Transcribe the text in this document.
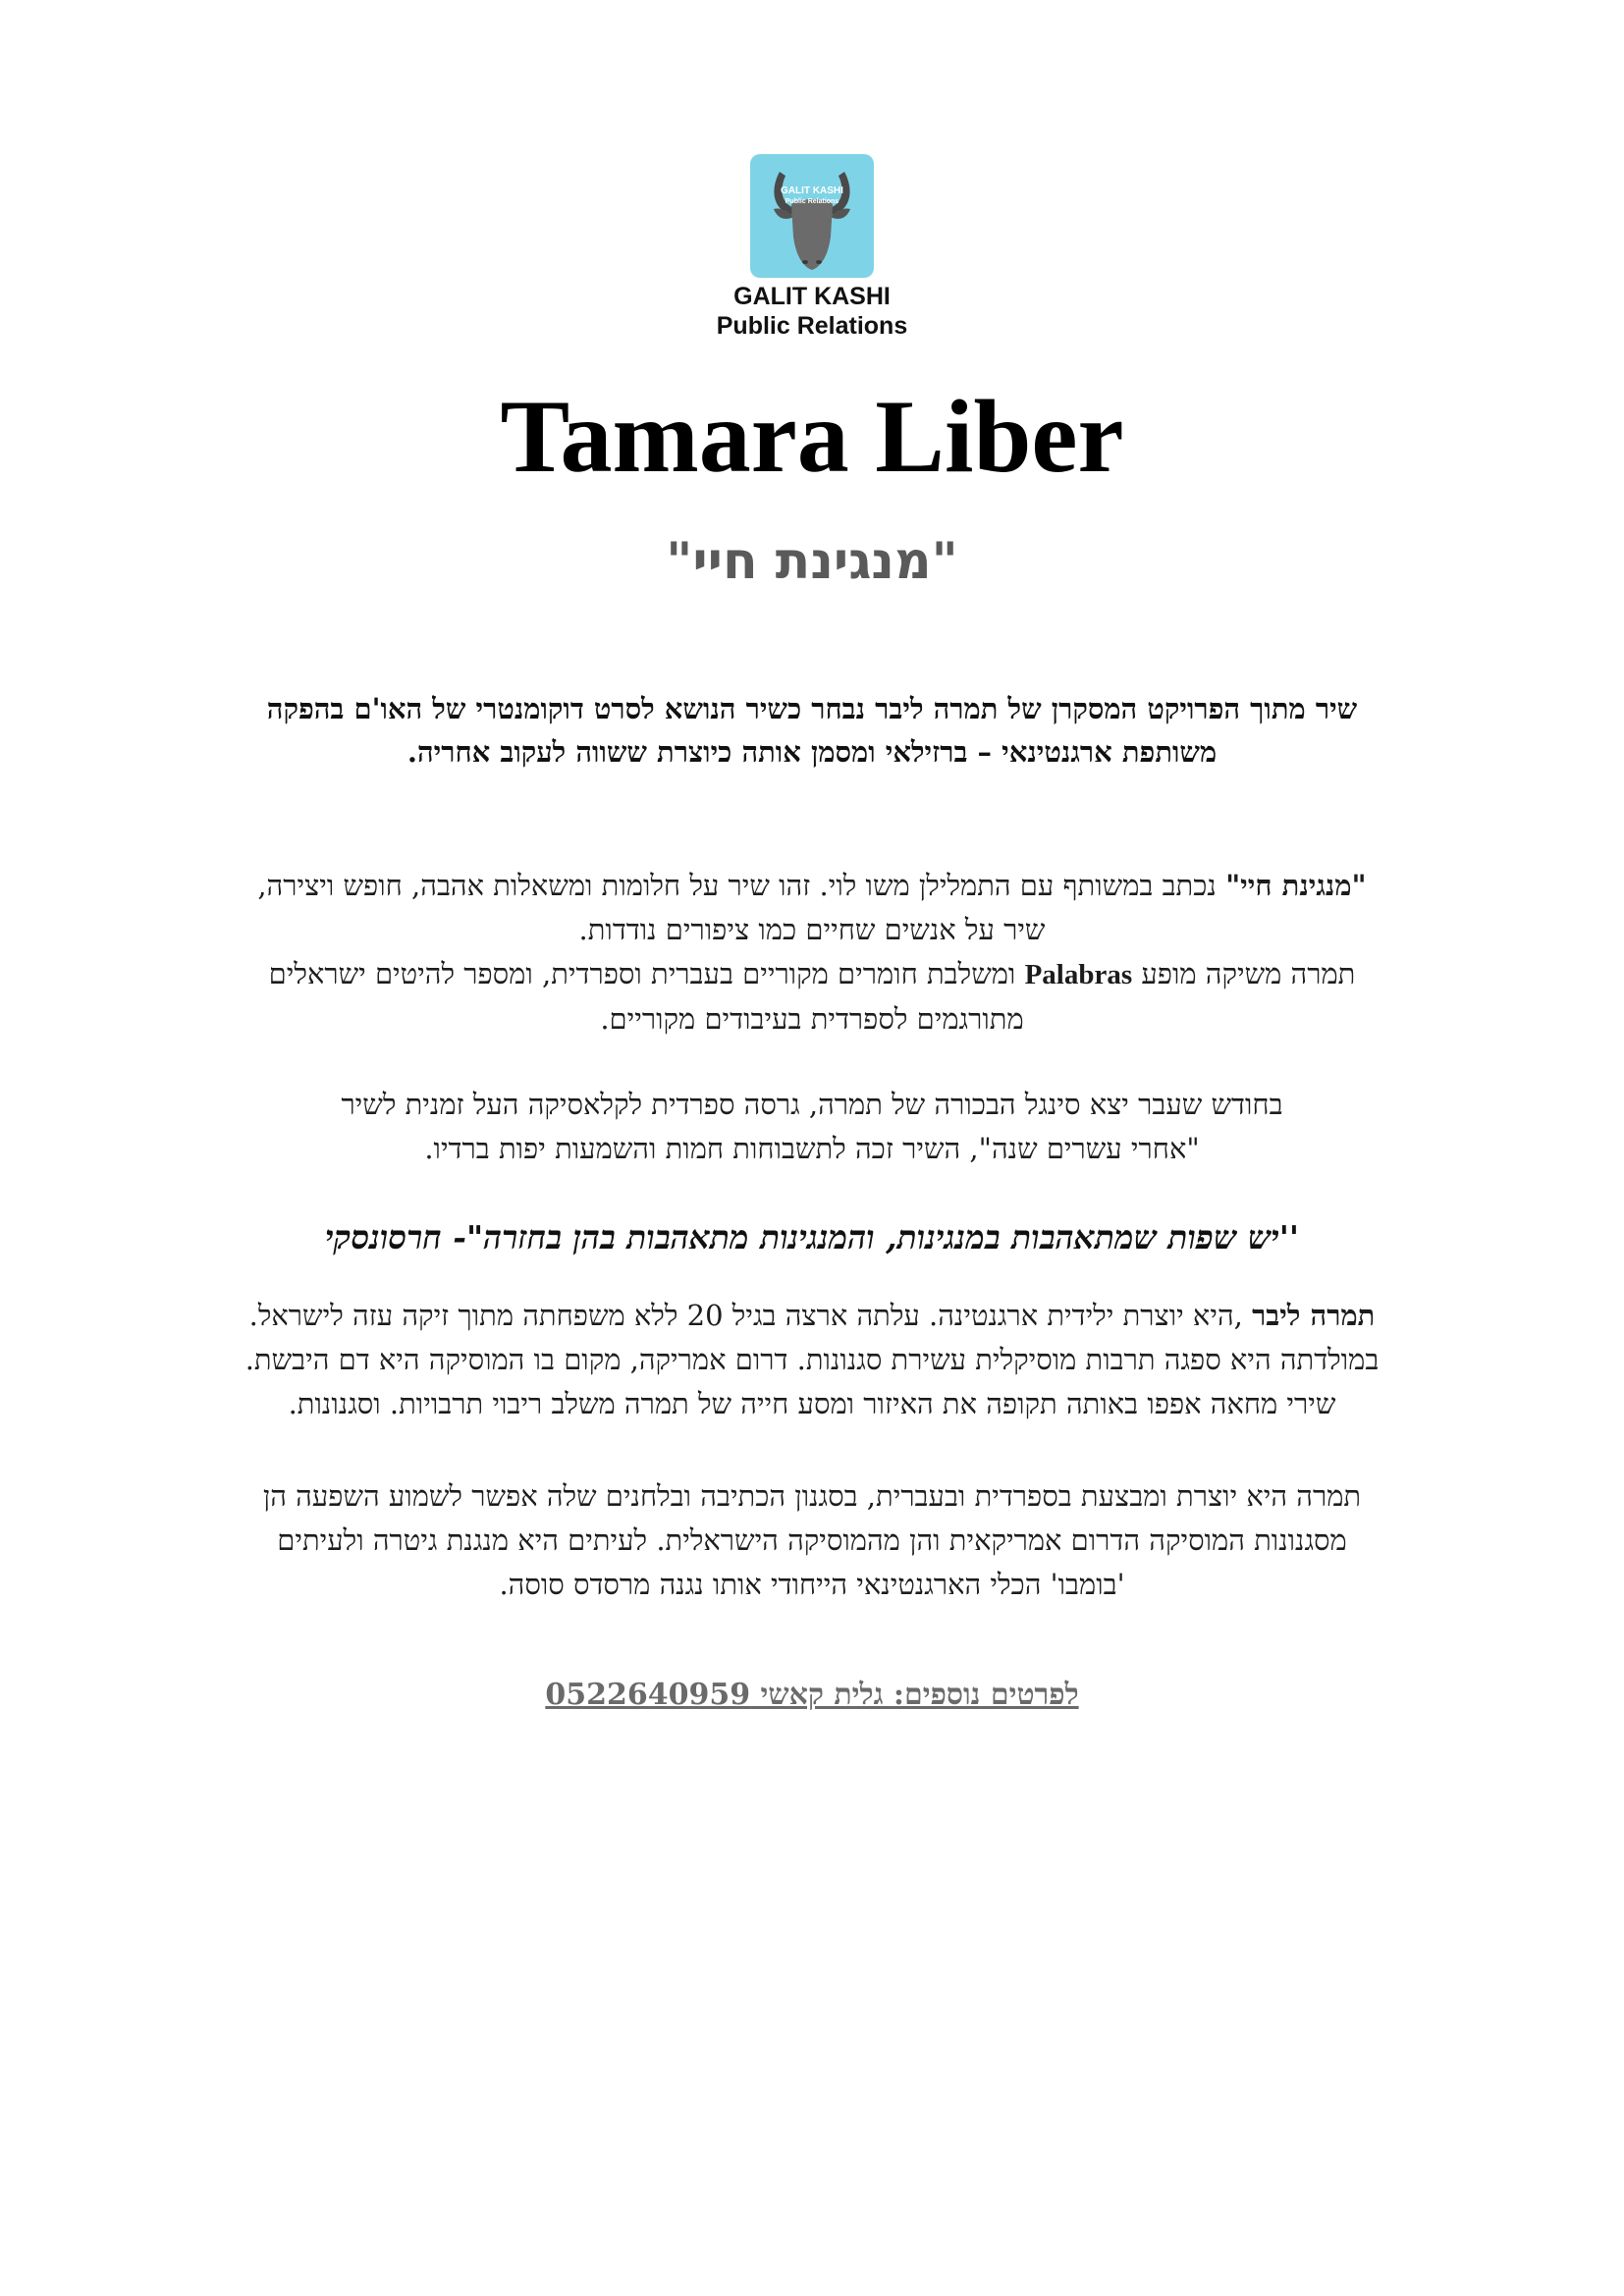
GALIT KASHI
Public Relations
GALIT KASHI
Public Relations
Tamara Liber
"מנגינת חיי"
שיר מתוך הפרויקט המסקרן של תמרה ליבר נבחר כשיר הנושא לסרט דוקומנטרי של האו'ם בהפקה
משותפת ארגנטינאי – ברזילאי ומסמן אותה כיוצרת ששווה לעקוב אחריה.
"מנגינת חיי" נכתב במשותף עם התמלילן משו לוי. זהו שיר על חלומות ומשאלות אהבה, חופש ויצירה,
שיר על אנשים שחיים כמו ציפורים נודדות.
תמרה משיקה מופע Palabras ומשלבת חומרים מקוריים בעברית וספרדית, ומספר להיטים ישראלים
מתורגמים לספרדית בעיבודים מקוריים.
בחודש שעבר יצא סינגל הבכורה של תמרה, גרסה ספרדית לקלאסיקה העל זמנית לשיר
"אחרי עשרים שנה", השיר זכה לתשבוחות חמות והשמעות יפות ברדיו.
''יש שפות שמתאהבות במנגינות, והמנגינות מתאהבות בהן בחזרה"- חרסונסקי
תמרה ליבר ,היא יוצרת ילידית ארגנטינה. עלתה ארצה בגיל 20 ללא משפחתה מתוך זיקה עזה לישראל.
במולדתה היא ספגה תרבות מוסיקלית עשירת סגנונות. דרום אמריקה, מקום בו המוסיקה היא דם היבשת.
שירי מחאה אפפו באותה תקופה את האיזור ומסע חייה של תמרה משלב ריבוי תרבויות. וסגנונות.
תמרה היא יוצרת ומבצעת בספרדית ובעברית, בסגנון הכתיבה ובלחנים שלה אפשר לשמוע השפעה הן
מסגנונות המוסיקה הדרום אמריקאית והן מהמוסיקה הישראלית. לעיתים היא מנגנת גיטרה ולעיתים
'בומבו' הכלי הארגנטינאי הייחודי אותו נגנה מרסדס סוסה.
לפרטים נוספים: גלית קאשי 0522640959
